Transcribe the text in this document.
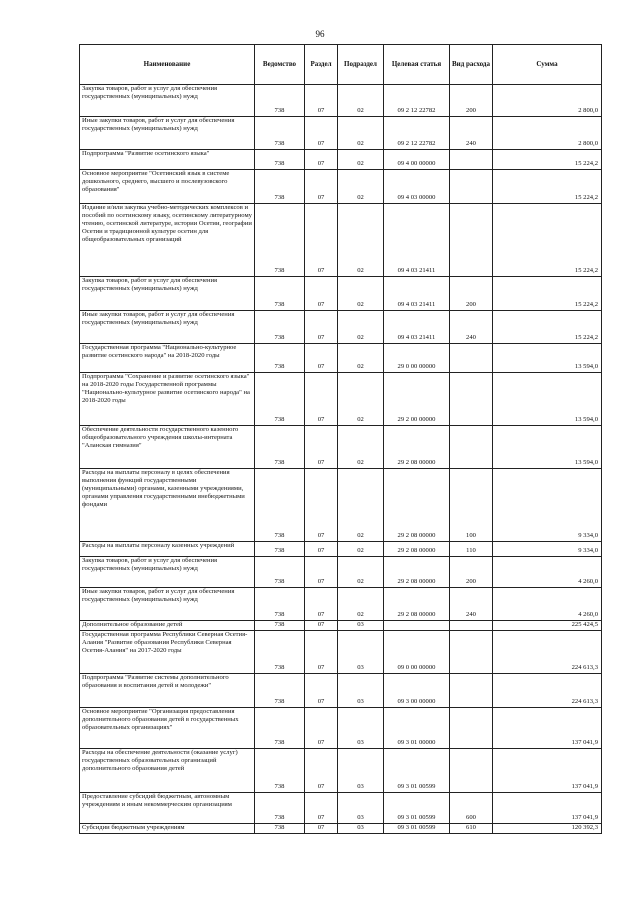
96
Наименование	Ведомство	Раздел	Подраздел	Целевая статья	Вид расхода	Сумма
Закупка товаров, работ и услуг для обеспечения государственных (муниципальных) нужд	738	07	02	09 2 12 22782	200	2 800,0
Иные закупки товаров, работ и услуг для обеспечения государственных (муниципальных) нужд	738	07	02	09 2 12 22782	240	2 800,0
Подпрограмма "Развитие осетинского языка"	738	07	02	09 4 00 00000		15 224,2
Основное мероприятие "Осетинский язык в системе дошкольного, среднего, высшего и послевузовского образования"	738	07	02	09 4 03 00000		15 224,2
Издание и/или закупка учебно-методических комплексов и пособий по осетинскому языку, осетинскому литературному чтению, осетинской литературе, истории Осетии, географии Осетии и традиционной культуре осетин для общеобразовательных организаций	738	07	02	09 4 03 21411		15 224,2
Закупка товаров, работ и услуг для обеспечения государственных (муниципальных) нужд	738	07	02	09 4 03 21411	200	15 224,2
Иные закупки товаров, работ и услуг для обеспечения государственных (муниципальных) нужд	738	07	02	09 4 03 21411	240	15 224,2
Государственная программа "Национально-культурное развитие осетинского народа" на 2018-2020 годы	738	07	02	29 0 00 00000		13 594,0
Подпрограмма "Сохранение и развитие осетинского языка" на 2018-2020 годы Государственной программы "Национально-культурное развитие осетинского народа" на 2018-2020 годы	738	07	02	29 2 00 00000		13 594,0
Обеспечение деятельности государственного казенного общеобразовательного учреждения школы-интерната "Аланская гимназия"	738	07	02	29 2 08 00000		13 594,0
Расходы на выплаты персоналу в целях обеспечения выполнения функций государственными (муниципальными) органами, казенными учреждениями, органами управления государственными внебюджетными фондами	738	07	02	29 2 08 00000	100	9 334,0
Расходы на выплаты персоналу казенных учреждений	738	07	02	29 2 08 00000	110	9 334,0
Закупка товаров, работ и услуг для обеспечения государственных (муниципальных) нужд	738	07	02	29 2 08 00000	200	4 260,0
Иные закупки товаров, работ и услуг для обеспечения государственных (муниципальных) нужд	738	07	02	29 2 08 00000	240	4 260,0
Дополнительное образование детей	738	07	03			225 424,5
Государственная программа Республики Северная Осетия-Алания "Развитие образования Республики Северная Осетия-Алания" на 2017-2020 годы	738	07	03	09 0 00 00000		224 613,3
Подпрограмма "Развитие системы дополнительного образования и воспитания детей и молодежи"	738	07	03	09 3 00 00000		224 613,3
Основное мероприятие "Организация предоставления дополнительного образования детей в государственных образовательных организациях"	738	07	03	09 3 01 00000		137 041,9
Расходы на обеспечение деятельности (оказание услуг) государственных образовательных организаций дополнительного образования детей	738	07	03	09 3 01 00599		137 041,9
Предоставление субсидий бюджетным, автономным учреждениям и иным некоммерческим организациям	738	07	03	09 3 01 00599	600	137 041,9
Субсидии бюджетным учреждениям	738	07	03	09 3 01 00599	610	120 392,3
